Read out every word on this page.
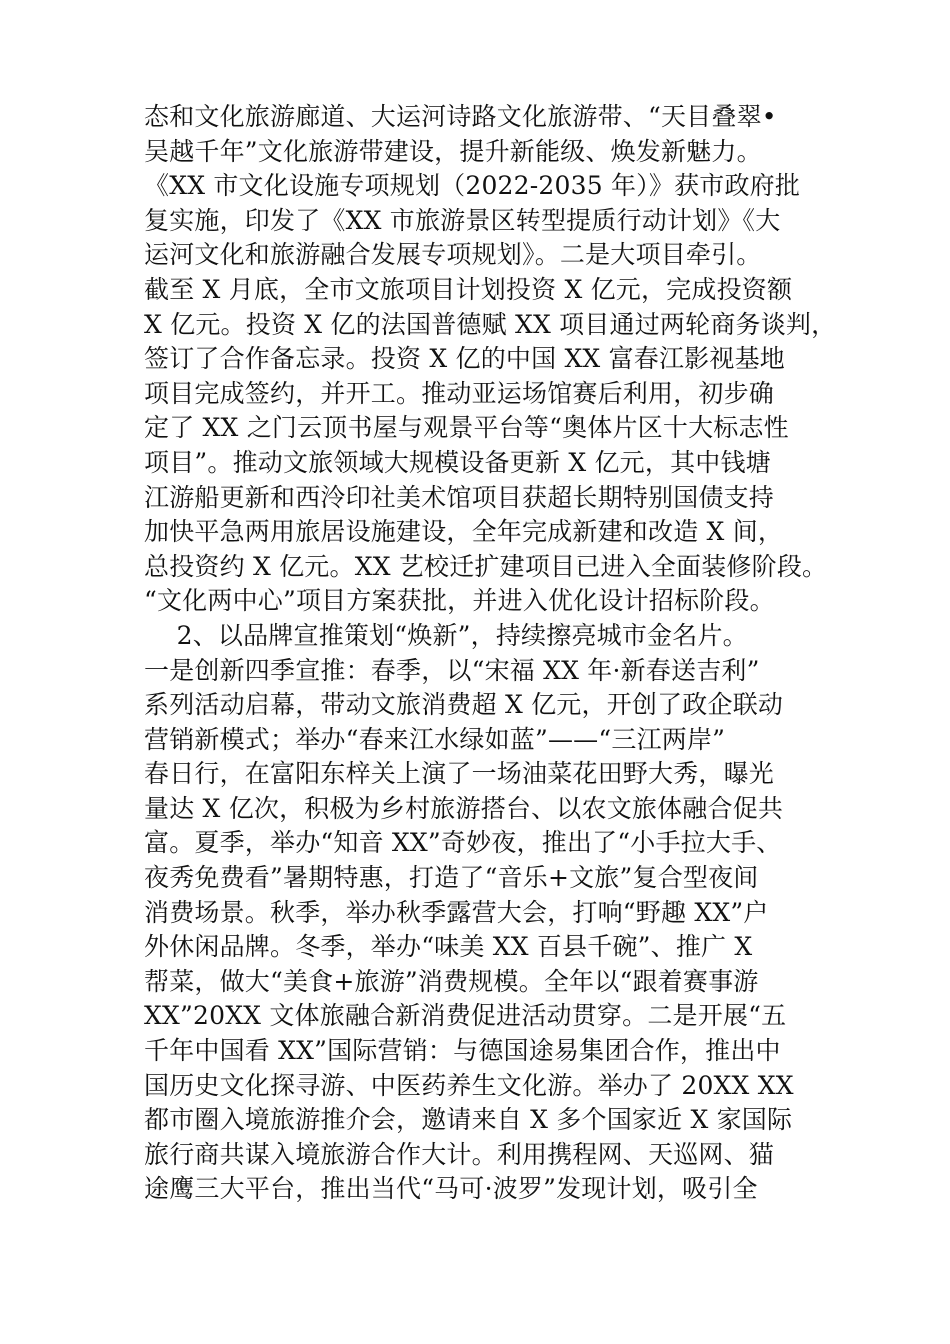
态和文化旅游廊道、大运河诗路文化旅游带、“天目叠翠•
吴越千年”文化旅游带建设，提升新能级、焕发新魅力。
《XX 市文化设施专项规划（2022-2035 年）》获市政府批
复实施，印发了《XX 市旅游景区转型提质行动计划》《大
运河文化和旅游融合发展专项规划》。二是大项目牵引。
截至 X 月底，全市文旅项目计划投资 X 亿元，完成投资额
X 亿元。投资 X 亿的法国普德赋 XX 项目通过两轮商务谈判，
签订了合作备忘录。投资 X 亿的中国 XX 富春江影视基地
项目完成签约，并开工。推动亚运场馆赛后利用，初步确
定了 XX 之门云顶书屋与观景平台等“奥体片区十大标志性
项目”。推动文旅领域大规模设备更新 X 亿元，其中钱塘
江游船更新和西泠印社美术馆项目获超长期特别国债支持
加快平急两用旅居设施建设，全年完成新建和改造 X 间，
总投资约 X 亿元。XX 艺校迁扩建项目已进入全面装修阶段。
“文化两中心”项目方案获批，并进入优化设计招标阶段。
2、以品牌宣推策划“焕新”，持续擦亮城市金名片。
一是创新四季宣推：春季，以“宋福 XX 年·新春送吉利”
系列活动启幕，带动文旅消费超 X 亿元，开创了政企联动
营销新模式；举办“春来江水绿如蓝”——“三江两岸”
春日行，在富阳东梓关上演了一场油菜花田野大秀，曝光
量达 X 亿次，积极为乡村旅游搭台、以农文旅体融合促共
富。夏季，举办“知音 XX”奇妙夜，推出了“小手拉大手、
夜秀免费看”暑期特惠，打造了“音乐+文旅”复合型夜间
消费场景。秋季，举办秋季露营大会，打响“野趣 XX”户
外休闲品牌。冬季，举办“味美 XX 百县千碗”、推广 X
帮菜，做大“美食+旅游”消费规模。全年以“跟着赛事游
XX”20XX 文体旅融合新消费促进活动贯穿。二是开展“五
千年中国看 XX”国际营销：与德国途易集团合作，推出中
国历史文化探寻游、中医药养生文化游。举办了 20XX XX
都市圈入境旅游推介会，邀请来自 X 多个国家近 X 家国际
旅行商共谋入境旅游合作大计。利用携程网、天巡网、猫
途鹰三大平台，推出当代“马可·波罗”发现计划，吸引全
